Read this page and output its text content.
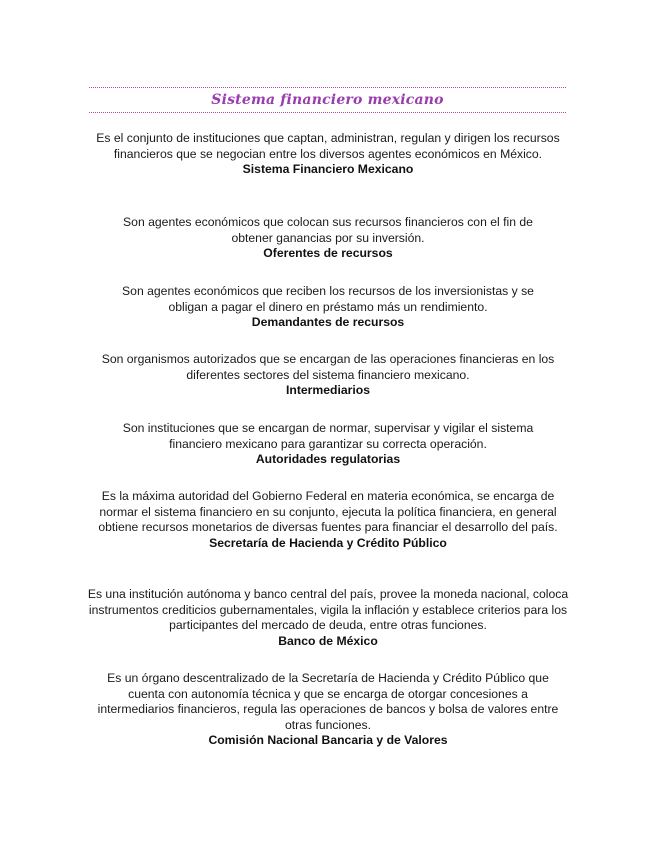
Sistema financiero mexicano
Es el conjunto de instituciones que captan, administran, regulan y dirigen los recursos financieros que se negocian entre los diversos agentes económicos en México.
Sistema Financiero Mexicano
Son agentes económicos que colocan sus recursos financieros con el fin de obtener ganancias por su inversión.
Oferentes de recursos
Son agentes económicos que reciben los recursos de los inversionistas y se obligan a pagar el dinero en préstamo más un rendimiento.
Demandantes de recursos
Son organismos autorizados que se encargan de las operaciones financieras en los diferentes sectores del sistema financiero mexicano.
Intermediarios
Son instituciones que se encargan de normar, supervisar y vigilar el sistema financiero mexicano para garantizar su correcta operación.
Autoridades regulatorias
Es la máxima autoridad del Gobierno Federal en materia económica, se encarga de normar el sistema financiero en su conjunto, ejecuta la política financiera, en general obtiene recursos monetarios de diversas fuentes para financiar el desarrollo del país.
Secretaría de Hacienda y Crédito Público
Es una institución autónoma y banco central del país, provee la moneda nacional, coloca instrumentos crediticios gubernamentales, vigila la inflación y establece criterios para los participantes del mercado de deuda, entre otras funciones.
Banco de México
Es un órgano descentralizado de la Secretaría de Hacienda y Crédito Público que cuenta con autonomía técnica y que se encarga de otorgar concesiones a intermediarios financieros, regula las operaciones de bancos y bolsa de valores entre otras funciones.
Comisión Nacional Bancaria y de Valores
